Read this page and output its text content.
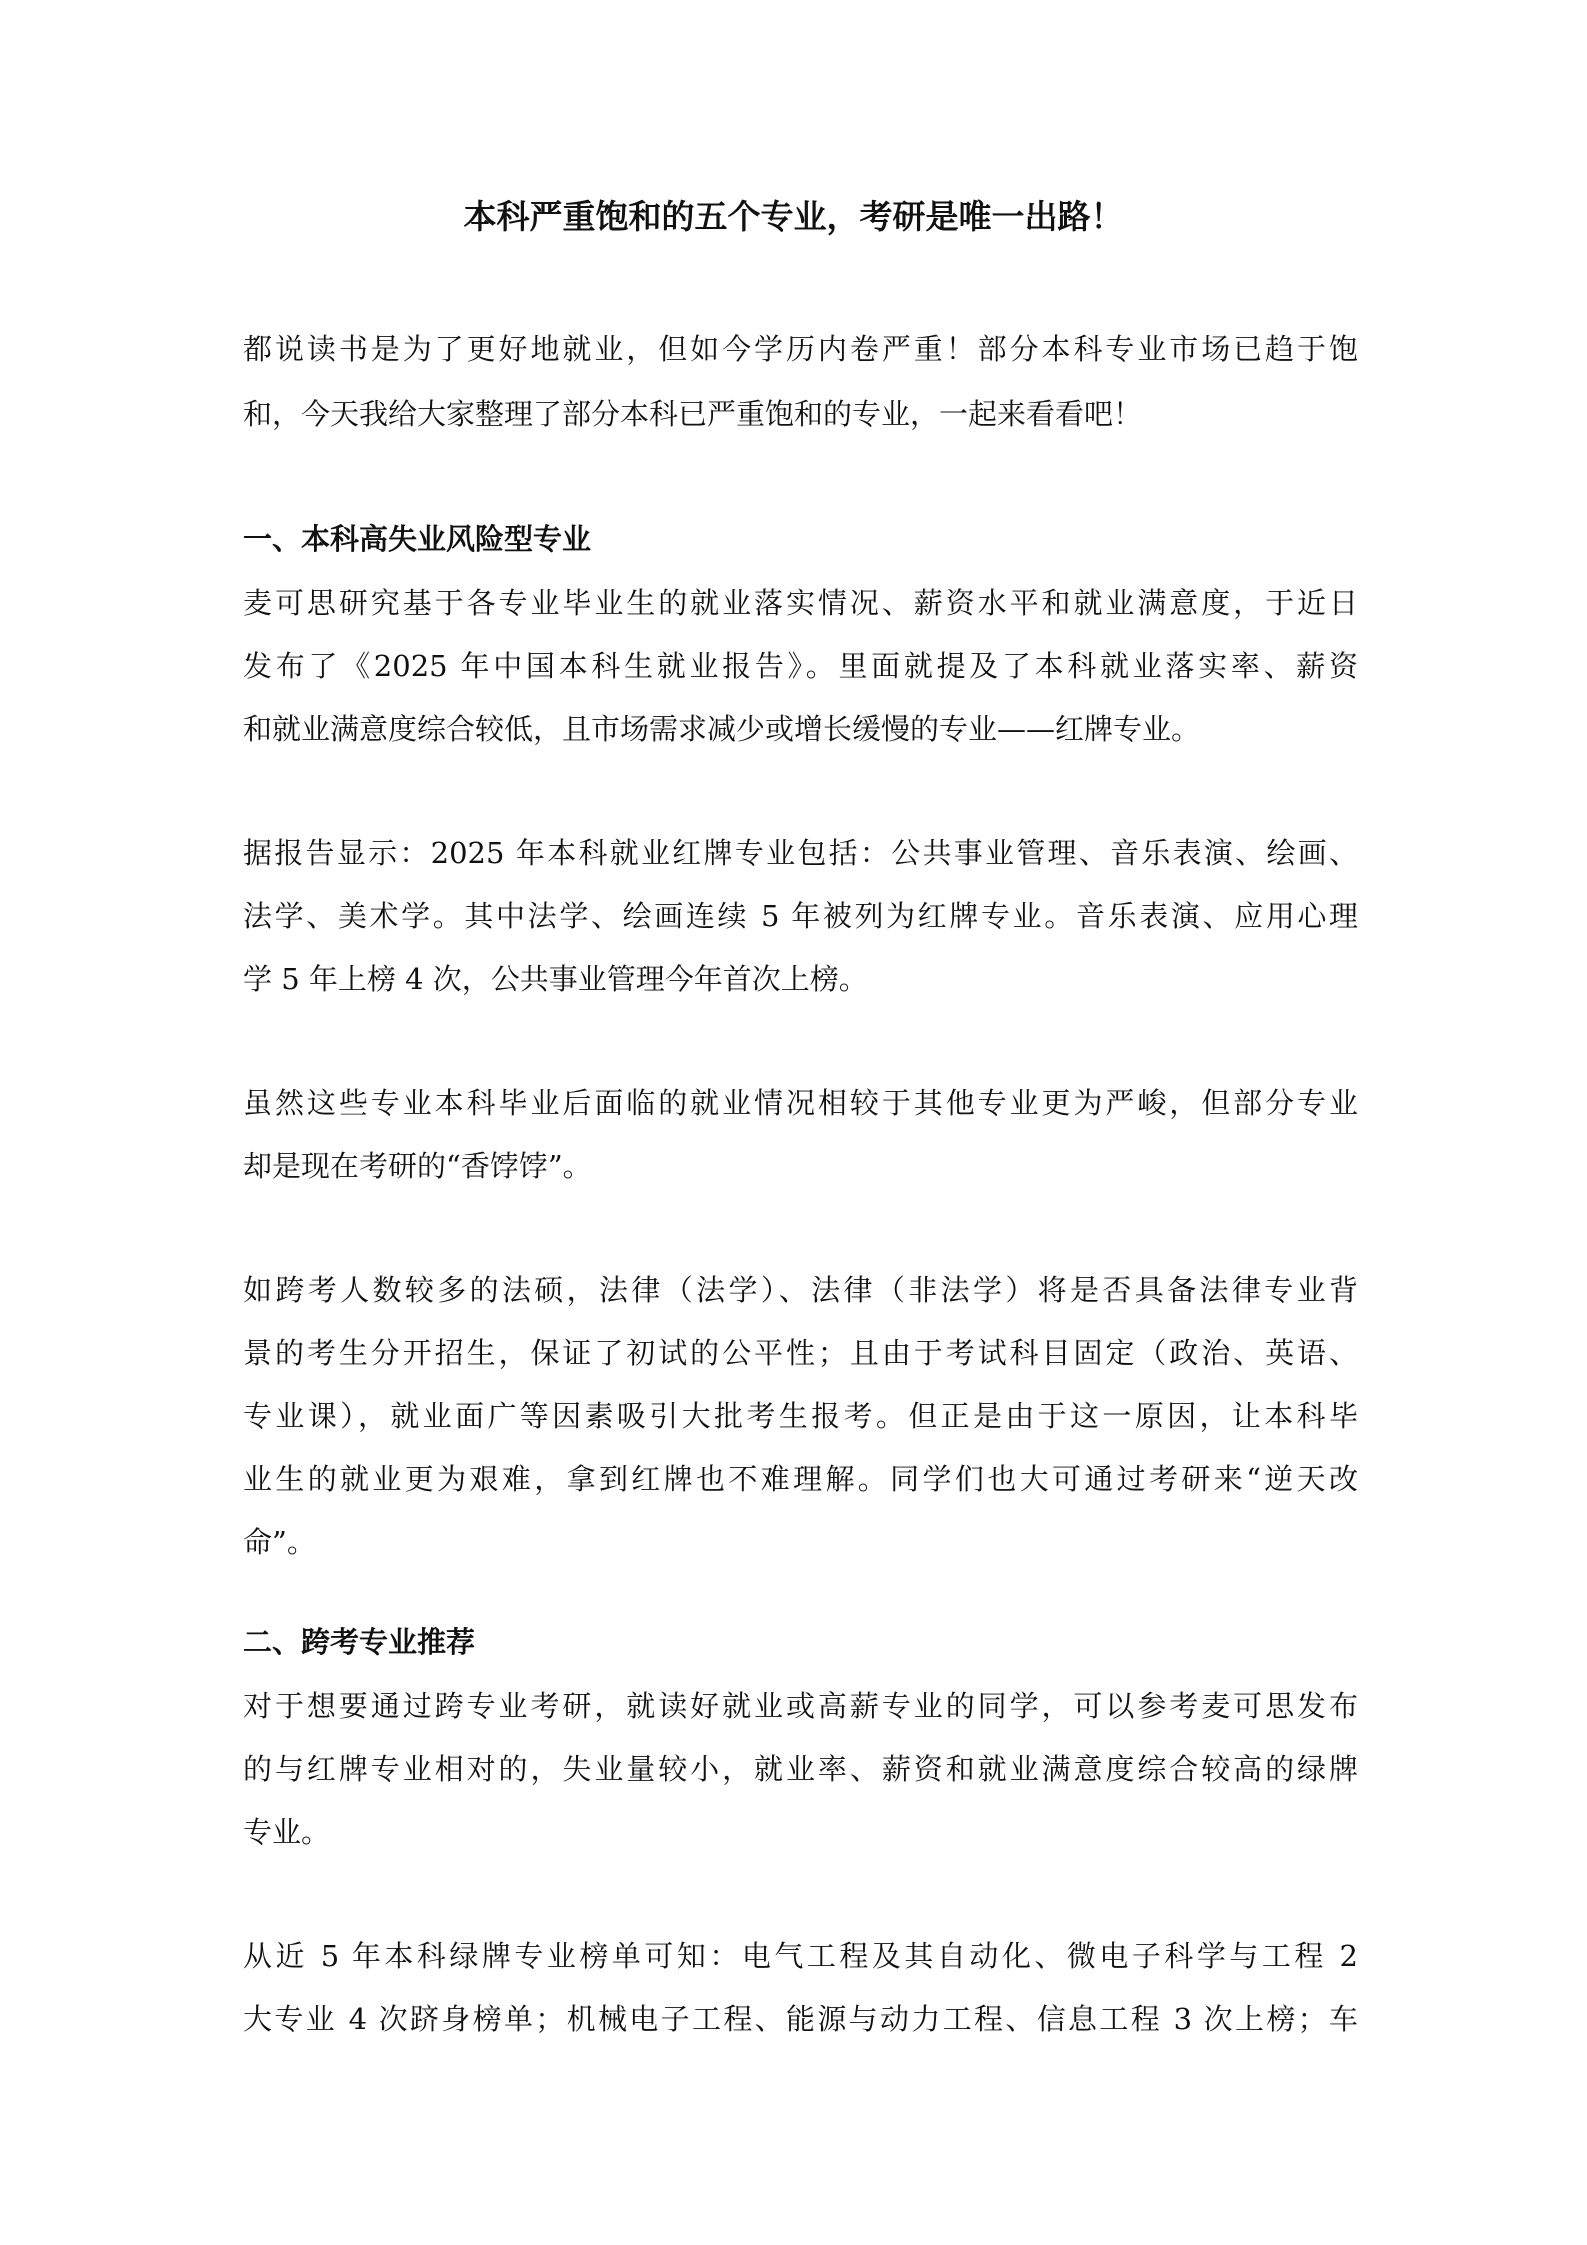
本科严重饱和的五个专业，考研是唯一出路！
都说读书是为了更好地就业，但如今学历内卷严重！部分本科专业市场已趋于饱
和，今天我给大家整理了部分本科已严重饱和的专业，一起来看看吧！
一、本科高失业风险型专业
麦可思研究基于各专业毕业生的就业落实情况、薪资水平和就业满意度，于近日
发布了《2025 年中国本科生就业报告》。里面就提及了本科就业落实率、薪资
和就业满意度综合较低，且市场需求减少或增长缓慢的专业——红牌专业。
据报告显示：2025 年本科就业红牌专业包括：公共事业管理、音乐表演、绘画、
法学、美术学。其中法学、绘画连续 5 年被列为红牌专业。音乐表演、应用心理
学 5 年上榜 4 次，公共事业管理今年首次上榜。
虽然这些专业本科毕业后面临的就业情况相较于其他专业更为严峻，但部分专业
却是现在考研的“香饽饽”。
如跨考人数较多的法硕，法律（法学）、法律（非法学）将是否具备法律专业背
景的考生分开招生，保证了初试的公平性；且由于考试科目固定（政治、英语、
专业课），就业面广等因素吸引大批考生报考。但正是由于这一原因，让本科毕
业生的就业更为艰难，拿到红牌也不难理解。同学们也大可通过考研来“逆天改
命”。
二、跨考专业推荐
对于想要通过跨专业考研，就读好就业或高薪专业的同学，可以参考麦可思发布
的与红牌专业相对的，失业量较小，就业率、薪资和就业满意度综合较高的绿牌
专业。
从近 5 年本科绿牌专业榜单可知：电气工程及其自动化、微电子科学与工程 2
大专业 4 次跻身榜单；机械电子工程、能源与动力工程、信息工程 3 次上榜；车
